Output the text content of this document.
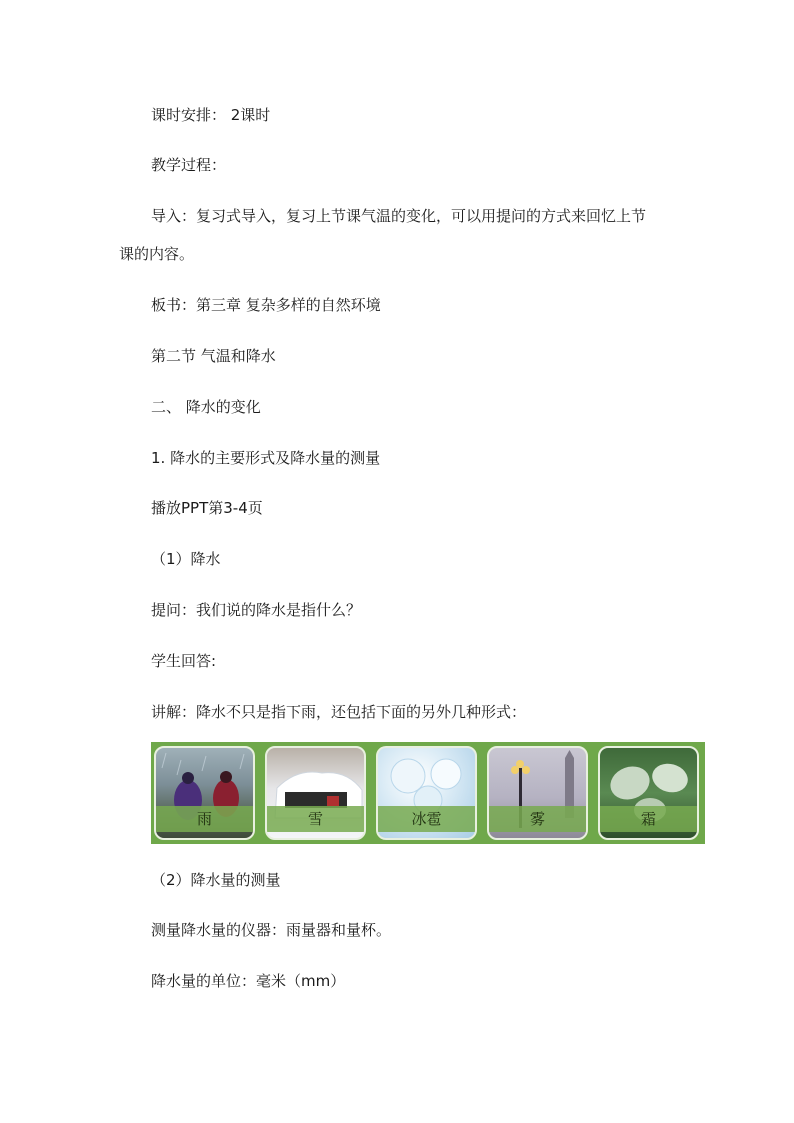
课时安排： 2课时

教学过程：

导入：复习式导入，复习上节课气温的变化，可以用提问的方式来回忆上节

课的内容。

板书：第三章 复杂多样的自然环境

第二节 气温和降水

二、 降水的变化

1. 降水的主要形式及降水量的测量

播放PPT第3-4页

（1）降水

提问：我们说的降水是指什么？

学生回答:

讲解：降水不只是指下雨，还包括下面的另外几种形式：

雨	雪	冰雹	雾	霜

（2）降水量的测量

测量降水量的仪器：雨量器和量杯。

降水量的单位：毫米（mm）
